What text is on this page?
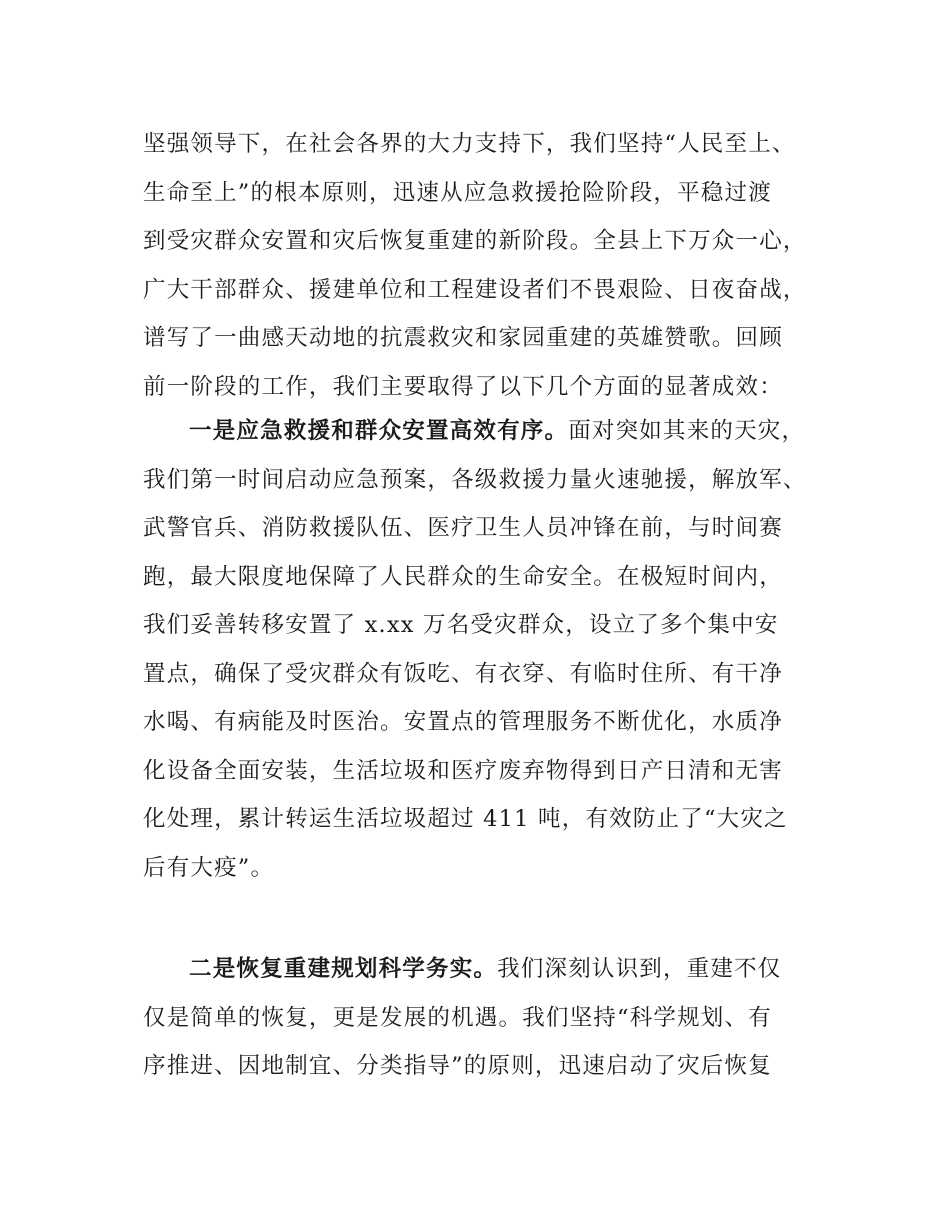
坚强领导下，在社会各界的大力支持下，我们坚持“人民至上、
生命至上”的根本原则，迅速从应急救援抢险阶段，平稳过渡
到受灾群众安置和灾后恢复重建的新阶段。全县上下万众一心，
广大干部群众、援建单位和工程建设者们不畏艰险、日夜奋战，
谱写了一曲感天动地的抗震救灾和家园重建的英雄赞歌。回顾
前一阶段的工作，我们主要取得了以下几个方面的显著成效：
一是应急救援和群众安置高效有序。面对突如其来的天灾，
我们第一时间启动应急预案，各级救援力量火速驰援，解放军、
武警官兵、消防救援队伍、医疗卫生人员冲锋在前，与时间赛
跑，最大限度地保障了人民群众的生命安全。在极短时间内，
我们妥善转移安置了 x.xx 万名受灾群众，设立了多个集中安
置点，确保了受灾群众有饭吃、有衣穿、有临时住所、有干净
水喝、有病能及时医治。安置点的管理服务不断优化，水质净
化设备全面安装，生活垃圾和医疗废弃物得到日产日清和无害
化处理，累计转运生活垃圾超过 411 吨，有效防止了“大灾之
后有大疫”。
二是恢复重建规划科学务实。我们深刻认识到，重建不仅
仅是简单的恢复，更是发展的机遇。我们坚持“科学规划、有
序推进、因地制宜、分类指导”的原则，迅速启动了灾后恢复
